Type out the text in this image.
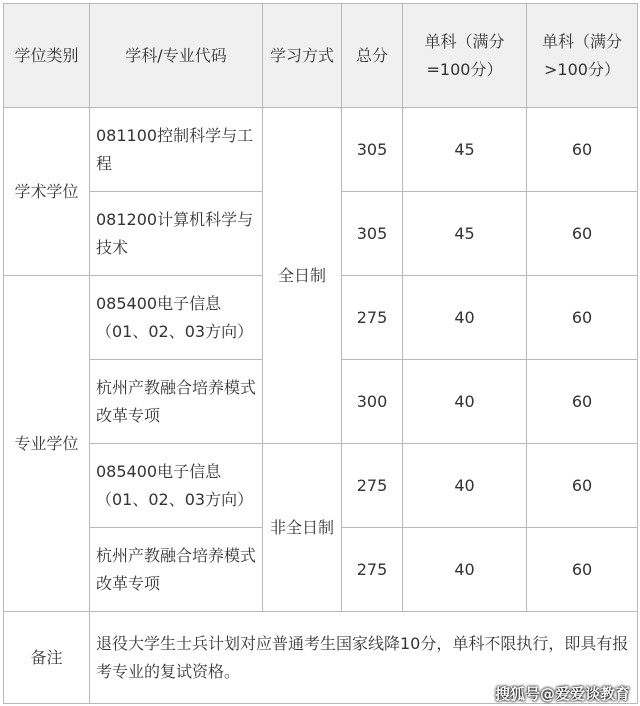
学位类别	学科/专业代码	学习方式	总分	单科（满分=100分）	单科（满分>100分）
学术学位	081100控制科学与工程	全日制	305	45	60
	081200计算机科学与技术		305	45	60
专业学位	085400电子信息（01、02、03方向）		275	40	60
	杭州产教融合培养模式改革专项		300	40	60
	085400电子信息（01、02、03方向）	非全日制	275	40	60
	杭州产教融合培养模式改革专项		275	40	60
备注	退役大学生士兵计划对应普通考生国家线降10分，单科不限执行，即具有报考专业的复试资格。				
搜狐号@爱爱谈教育
